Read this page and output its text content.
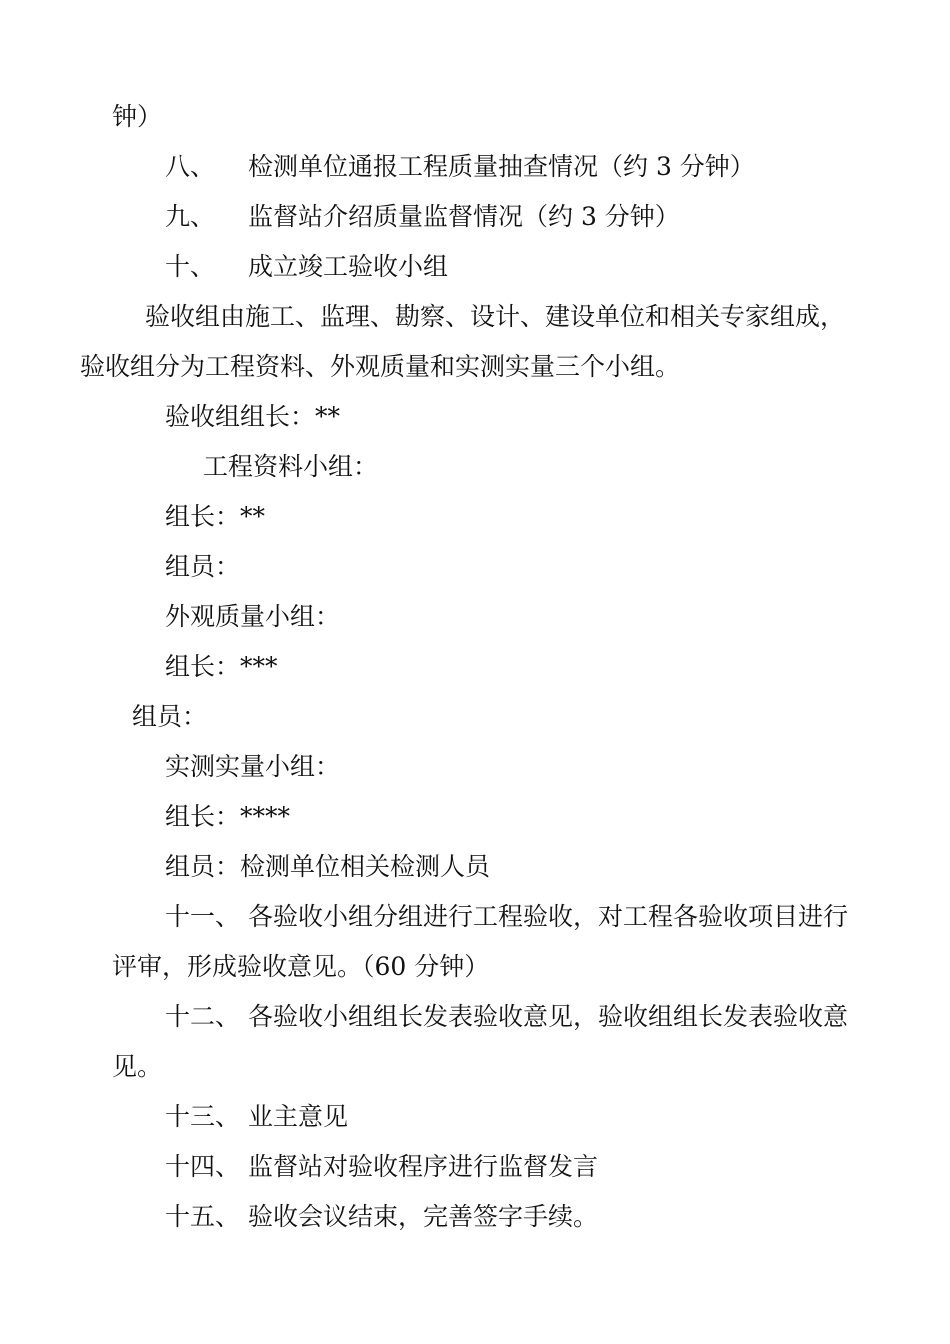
钟）
八、 检测单位通报工程质量抽查情况（约 3 分钟）
九、 监督站介绍质量监督情况（约 3 分钟）
十、 成立竣工验收小组
验收组由施工、监理、勘察、设计、建设单位和相关专家组成，
验收组分为工程资料、外观质量和实测实量三个小组。
验收组组长：**
工程资料小组：
组长：**
组员：
外观质量小组：
组长：***
组员：
实测实量小组：
组长：****
组员：检测单位相关检测人员
十一、 各验收小组分组进行工程验收，对工程各验收项目进行
评审，形成验收意见。（60 分钟）
十二、 各验收小组组长发表验收意见，验收组组长发表验收意
见。
十三、 业主意见
十四、 监督站对验收程序进行监督发言
十五、 验收会议结束，完善签字手续。
